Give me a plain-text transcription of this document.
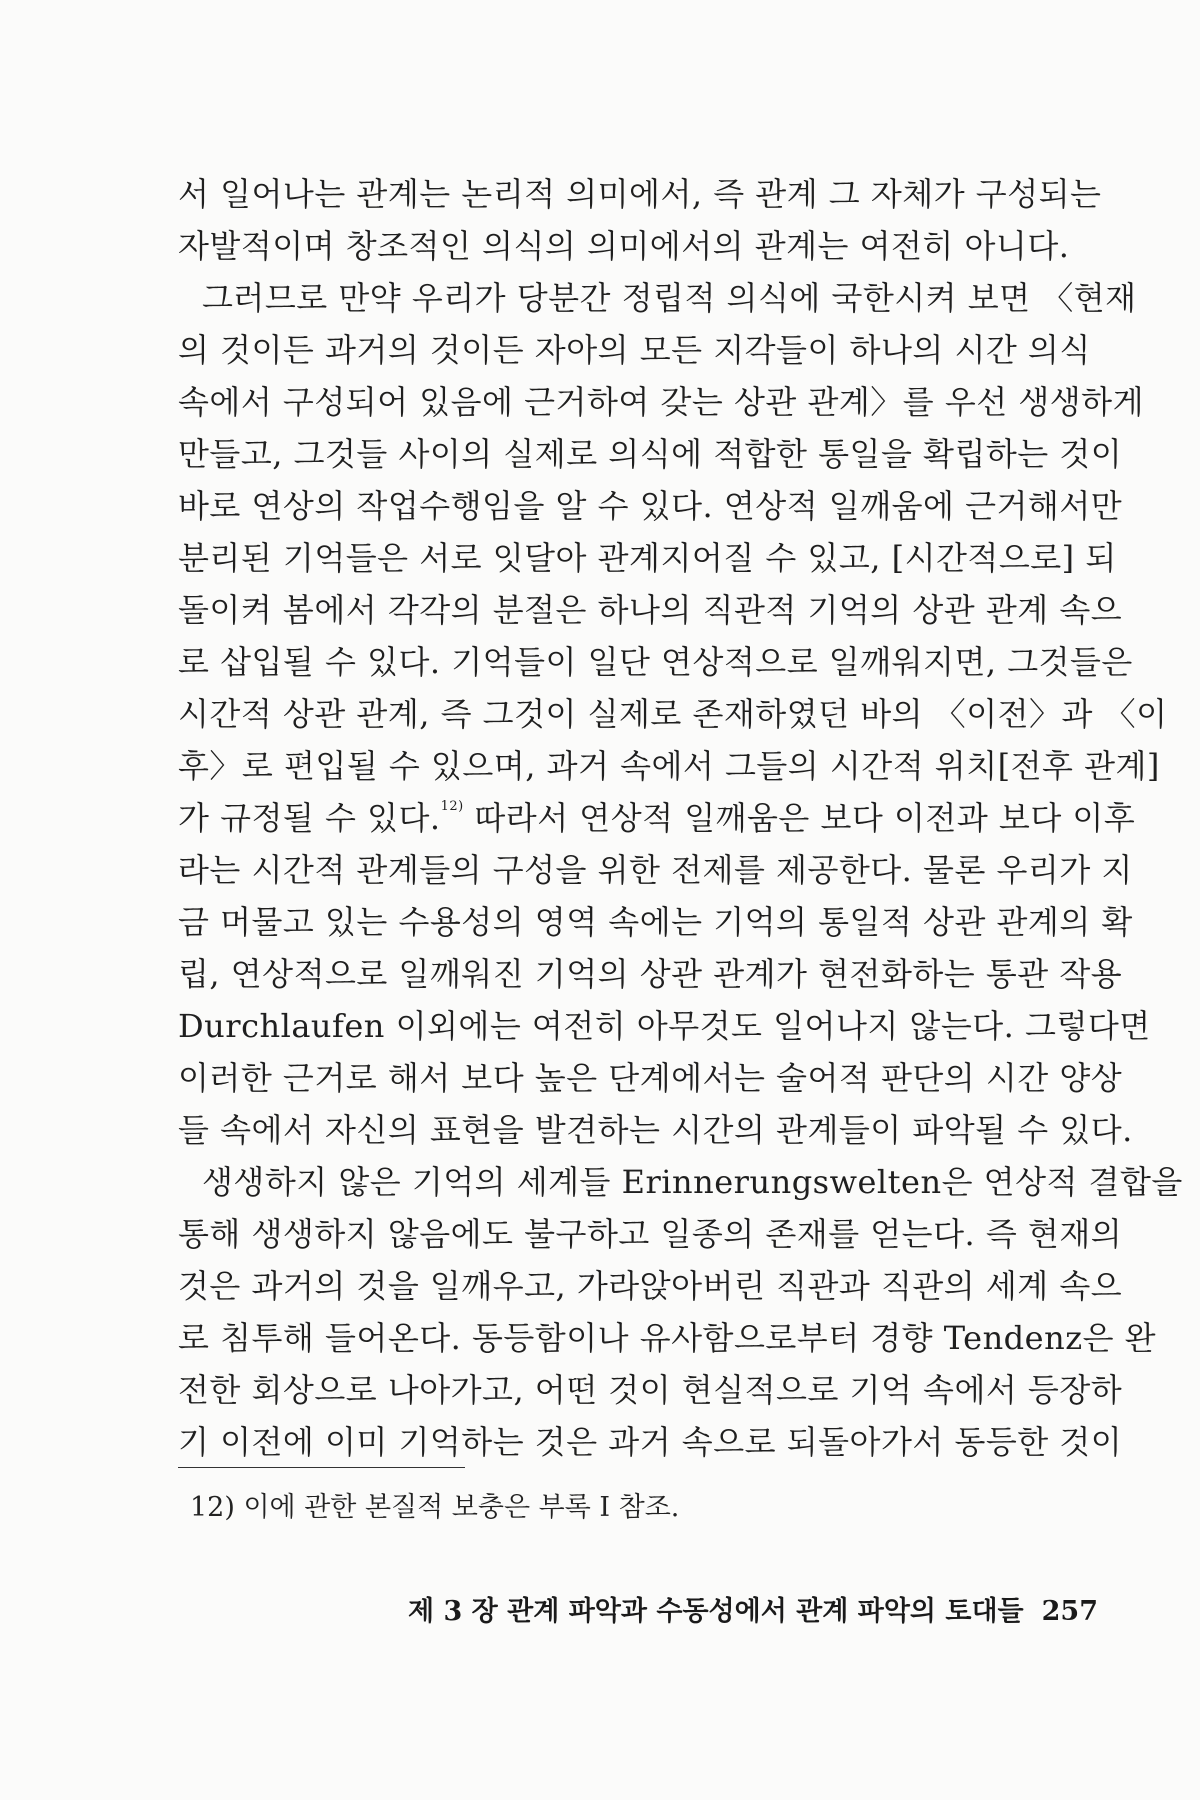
서 일어나는 관계는 논리적 의미에서, 즉 관계 그 자체가 구성되는
자발적이며 창조적인 의식의 의미에서의 관계는 여전히 아니다.
그러므로 만약 우리가 당분간 정립적 의식에 국한시켜 보면 〈현재
의 것이든 과거의 것이든 자아의 모든 지각들이 하나의 시간 의식
속에서 구성되어 있음에 근거하여 갖는 상관 관계〉를 우선 생생하게
만들고, 그것들 사이의 실제로 의식에 적합한 통일을 확립하는 것이
바로 연상의 작업수행임을 알 수 있다. 연상적 일깨움에 근거해서만
분리된 기억들은 서로 잇달아 관계지어질 수 있고, [시간적으로] 되
돌이켜 봄에서 각각의 분절은 하나의 직관적 기억의 상관 관계 속으
로 삽입될 수 있다. 기억들이 일단 연상적으로 일깨워지면, 그것들은
시간적 상관 관계, 즉 그것이 실제로 존재하였던 바의 〈이전〉과 〈이
후〉로 편입될 수 있으며, 과거 속에서 그들의 시간적 위치[전후 관계]
가 규정될 수 있다.$^{12)}$ 따라서 연상적 일깨움은 보다 이전과 보다 이후
라는 시간적 관계들의 구성을 위한 전제를 제공한다. 물론 우리가 지
금 머물고 있는 수용성의 영역 속에는 기억의 통일적 상관 관계의 확
립, 연상적으로 일깨워진 기억의 상관 관계가 현전화하는 통관 작용
Durchlaufen 이외에는 여전히 아무것도 일어나지 않는다. 그렇다면
이러한 근거로 해서 보다 높은 단계에서는 술어적 판단의 시간 양상
들 속에서 자신의 표현을 발견하는 시간의 관계들이 파악될 수 있다.
생생하지 않은 기억의 세계들 Erinnerungswelten은 연상적 결합을
통해 생생하지 않음에도 불구하고 일종의 존재를 얻는다. 즉 현재의
것은 과거의 것을 일깨우고, 가라앉아버린 직관과 직관의 세계 속으
로 침투해 들어온다. 동등함이나 유사함으로부터 경향 Tendenz은 완
전한 회상으로 나아가고, 어떤 것이 현실적으로 기억 속에서 등장하
기 이전에 이미 기억하는 것은 과거 속으로 되돌아가서 동등한 것이
12) 이에 관한 본질적 보충은 부록 I 참조.
제 3 장 관계 파악과 수동성에서 관계 파악의 토대들 257
